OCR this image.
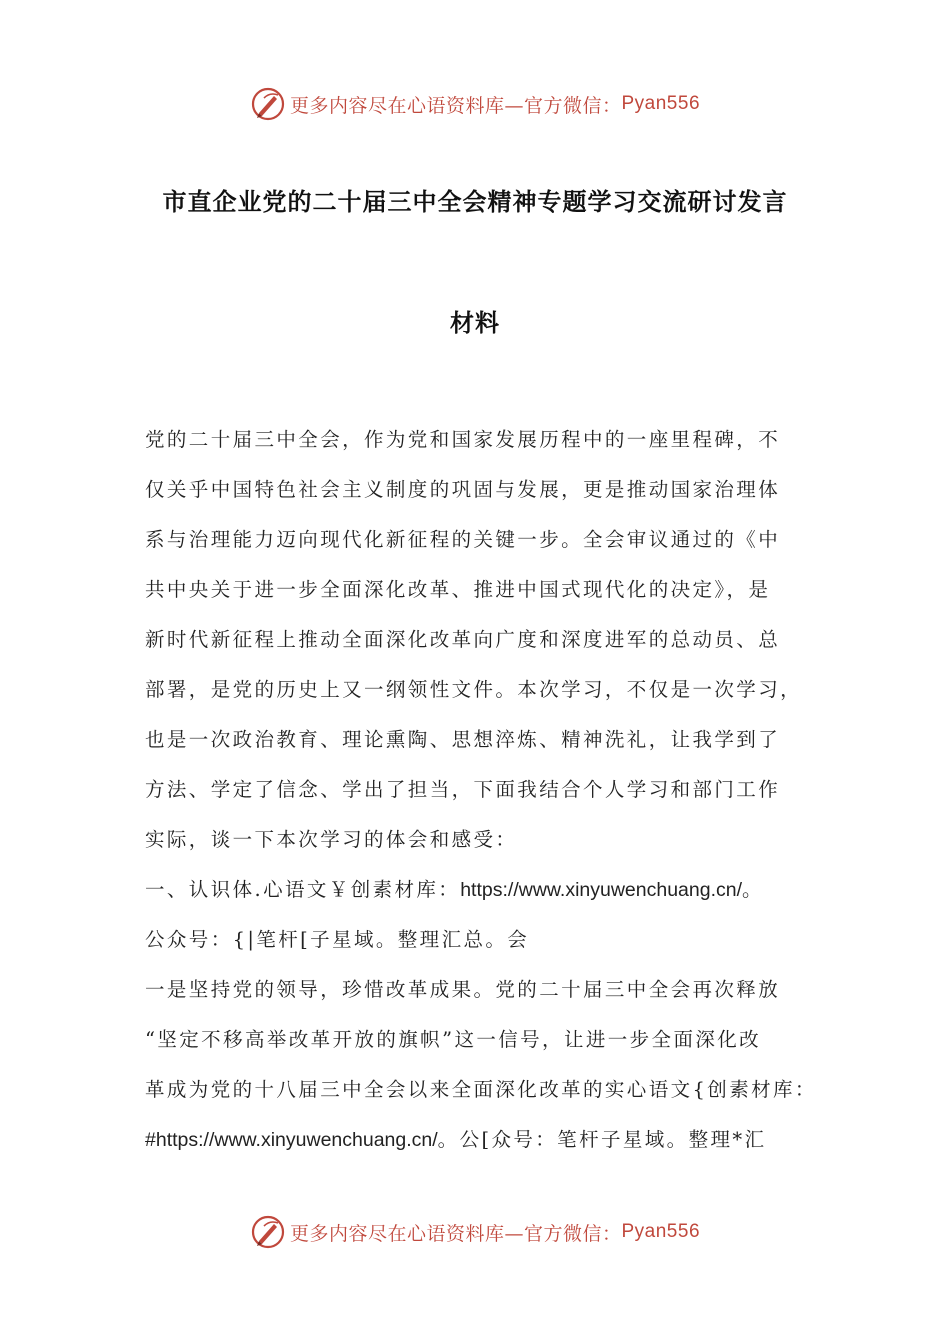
更多内容尽在心语资料库—官方微信： Pyan556
市直企业党的二十届三中全会精神专题学习交流研讨发言
材料
党的二十届三中全会，作为党和国家发展历程中的一座里程碑，不
仅关乎中国特色社会主义制度的巩固与发展，更是推动国家治理体
系与治理能力迈向现代化新征程的关键一步。全会审议通过的《中
共中央关于进一步全面深化改革、推进中国式现代化的决定》，是
新时代新征程上推动全面深化改革向广度和深度进军的总动员、总
部署，是党的历史上又一纲领性文件。本次学习，不仅是一次学习，
也是一次政治教育、理论熏陶、思想淬炼、精神洗礼，让我学到了
方法、学定了信念、学出了担当，下面我结合个人学习和部门工作
实际，谈一下本次学习的体会和感受：
一、认识体.心语文￥创素材库：https://www.xinyuwenchuang.cn/。
公众号：{|笔杆[子星域。整理汇总。会
一是坚持党的领导，珍惜改革成果。党的二十届三中全会再次释放
“坚定不移高举改革开放的旗帜”这一信号，让进一步全面深化改
革成为党的十八届三中全会以来全面深化改革的实心语文{创素材库：
#https://www.xinyuwenchuang.cn/。公[众号：笔杆子星域。整理*汇
更多内容尽在心语资料库—官方微信： Pyan556
